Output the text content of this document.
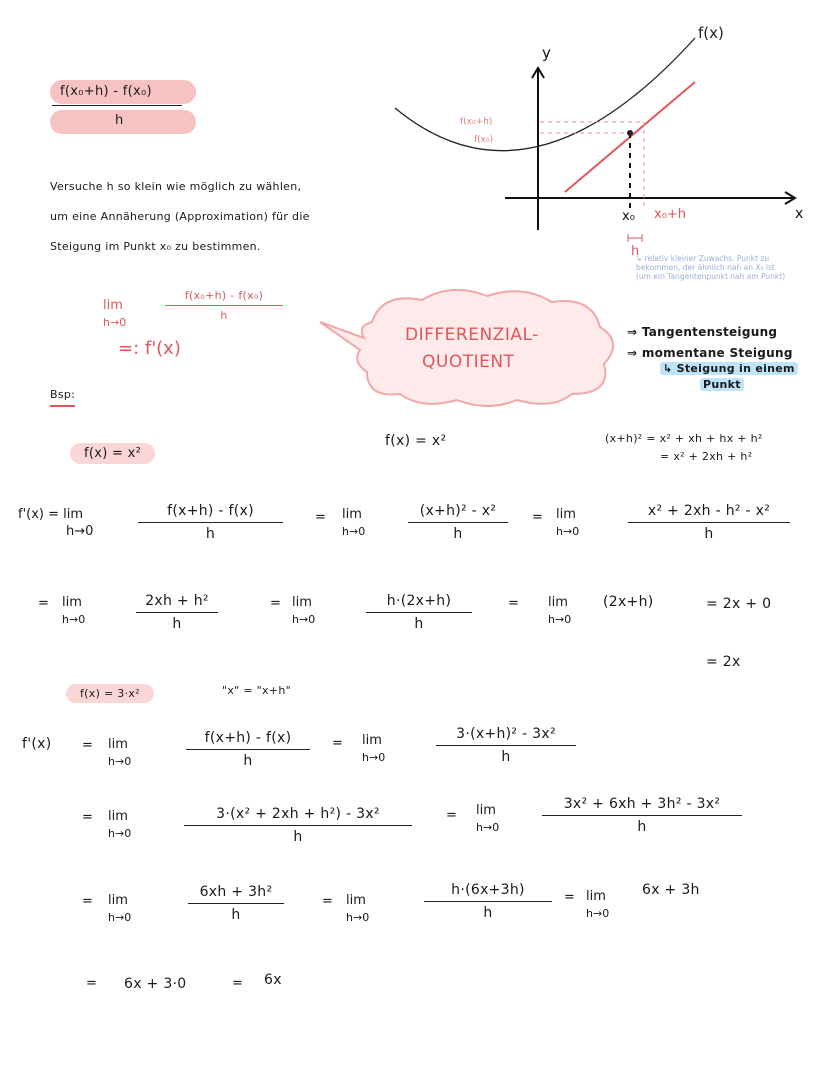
f(x₀+h) - f(x₀)
h
Versuche h so klein wie möglich zu wählen,
um eine Annäherung (Approximation) für die
Steigung im Punkt x₀ zu bestimmen.
f(x)
y
x
f(x₀+h)
f(x₀)
x₀ x₀+h
h
↳ relativ kleiner Zuwachs. Punkt zu bekommen, der ähnlich nah an X₀ ist (um ein Tangentenpunkt nah am Punkt)
lim
h→0
f(x₀+h) - f(x₀)
h
=: f'(x)
DIFFERENZIAL-
QUOTIENT
⇒ Tangentensteigung
⇒ momentane Steigung
↳ Steigung in einem
Punkt
Bsp:
f(x) = x²
f(x) = x²	(x+h)² = x² + xh + hx + h²
= x² + 2xh + h²
f'(x) = lim
h→0
f(x+h) - f(x)
h
= lim
h→0
(x+h)² - x²
h
= lim
h→0
x² + 2xh - h² - x²
h
= lim
h→0
2xh + h²
h
= lim
h→0
h·(2x+h)
h
= lim
h→0
(2x+h)	= 2x + 0
= 2x
f(x) = 3·x²	"x" = "x+h"
f'(x) = lim
h→0
f(x+h) - f(x)
h
= lim
h→0
3·(x+h)² - 3x²
h
= lim
h→0
3·(x² + 2xh + h²) - 3x²
h
= lim
h→0
3x² + 6xh + 3h² - 3x²
h
= lim
h→0
6xh + 3h²
h
= lim
h→0
h·(6x+3h)
h
= lim
h→0
6x + 3h
= 6x + 3·0	= 6x
